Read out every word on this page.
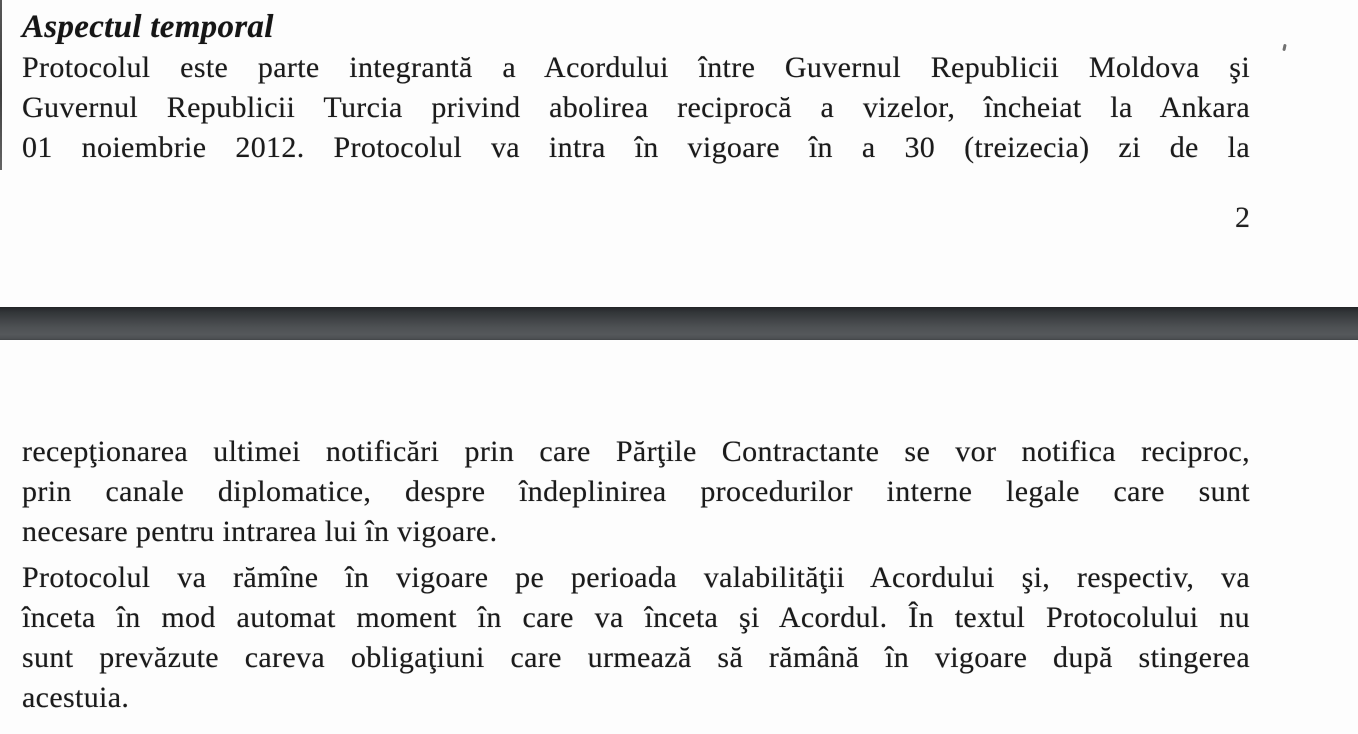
Aspectul temporal
Protocolul este parte integrantă a Acordului între Guvernul Republicii Moldova şi
Guvernul Republicii Turcia privind abolirea reciprocă a vizelor, încheiat la Ankara
01 noiembrie 2012. Protocolul va intra în vigoare în a 30 (treizecia) zi de la
2
recepţionarea ultimei notificări prin care Părţile Contractante se vor notifica reciproc,
prin canale diplomatice, despre îndeplinirea procedurilor interne legale care sunt
necesare pentru intrarea lui în vigoare.
Protocolul va rămîne în vigoare pe perioada valabilităţii Acordului şi, respectiv, va
înceta în mod automat moment în care va înceta şi Acordul. În textul Protocolului nu
sunt prevăzute careva obligaţiuni care urmează să rămână în vigoare după stingerea
acestuia.
